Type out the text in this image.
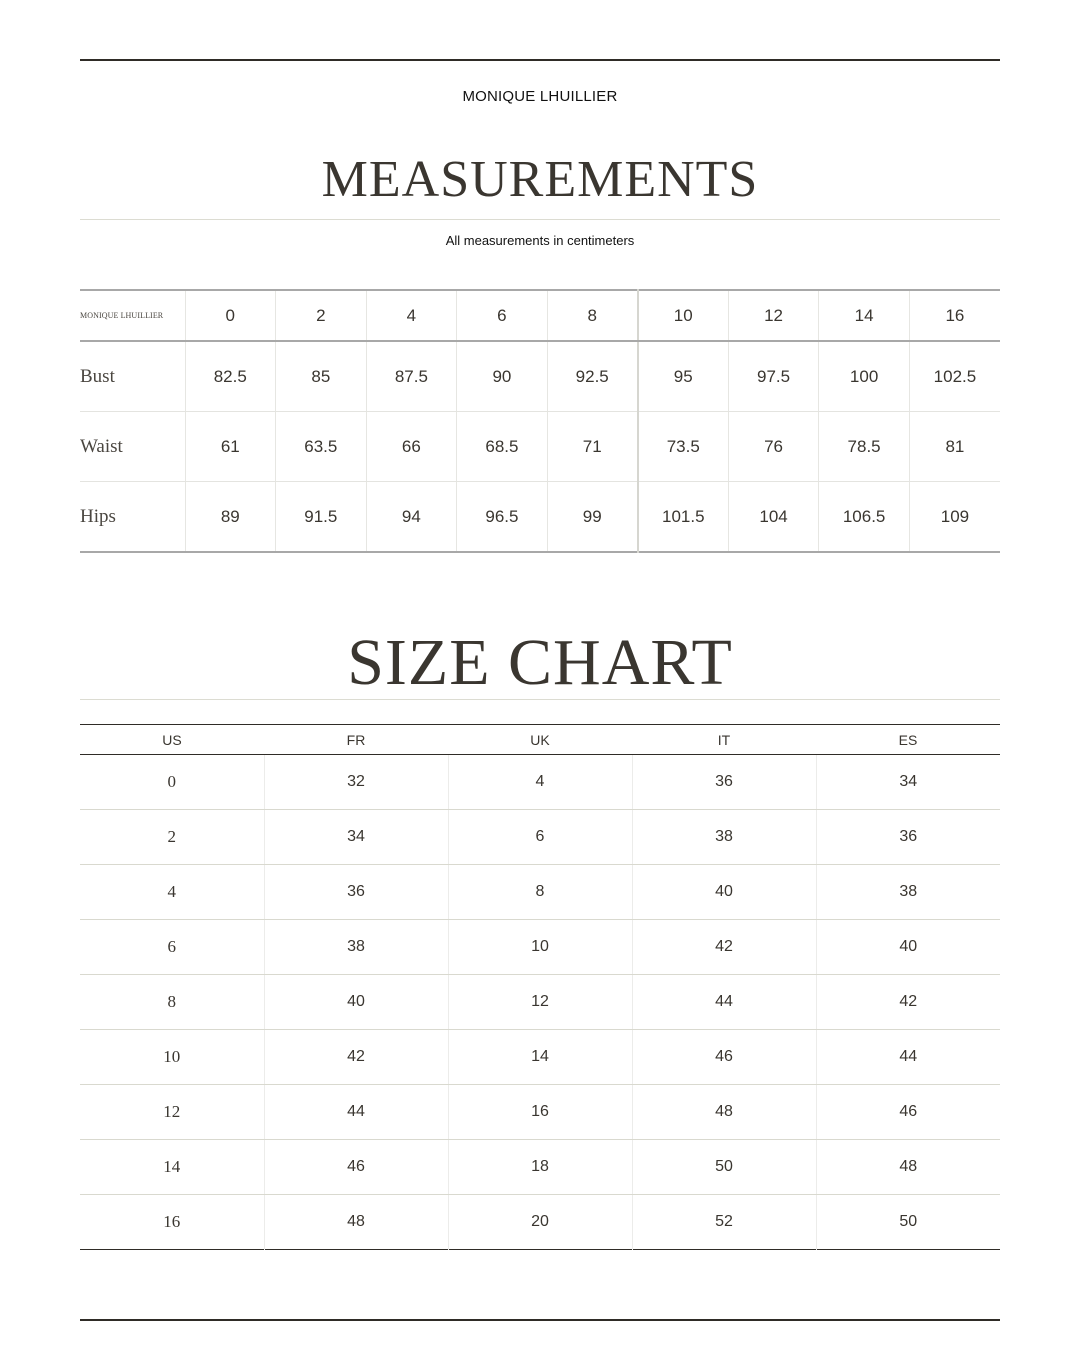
MONIQUE LHUILLIER
MEASUREMENTS
All measurements in centimeters
MONIQUE LHUILLIER	0	2	4	6	8	10	12	14	16
Bust	82.5	85	87.5	90	92.5	95	97.5	100	102.5
Waist	61	63.5	66	68.5	71	73.5	76	78.5	81
Hips	89	91.5	94	96.5	99	101.5	104	106.5	109
SIZE CHART
US	FR	UK	IT	ES
0	32	4	36	34
2	34	6	38	36
4	36	8	40	38
6	38	10	42	40
8	40	12	44	42
10	42	14	46	44
12	44	16	48	46
14	46	18	50	48
16	48	20	52	50
